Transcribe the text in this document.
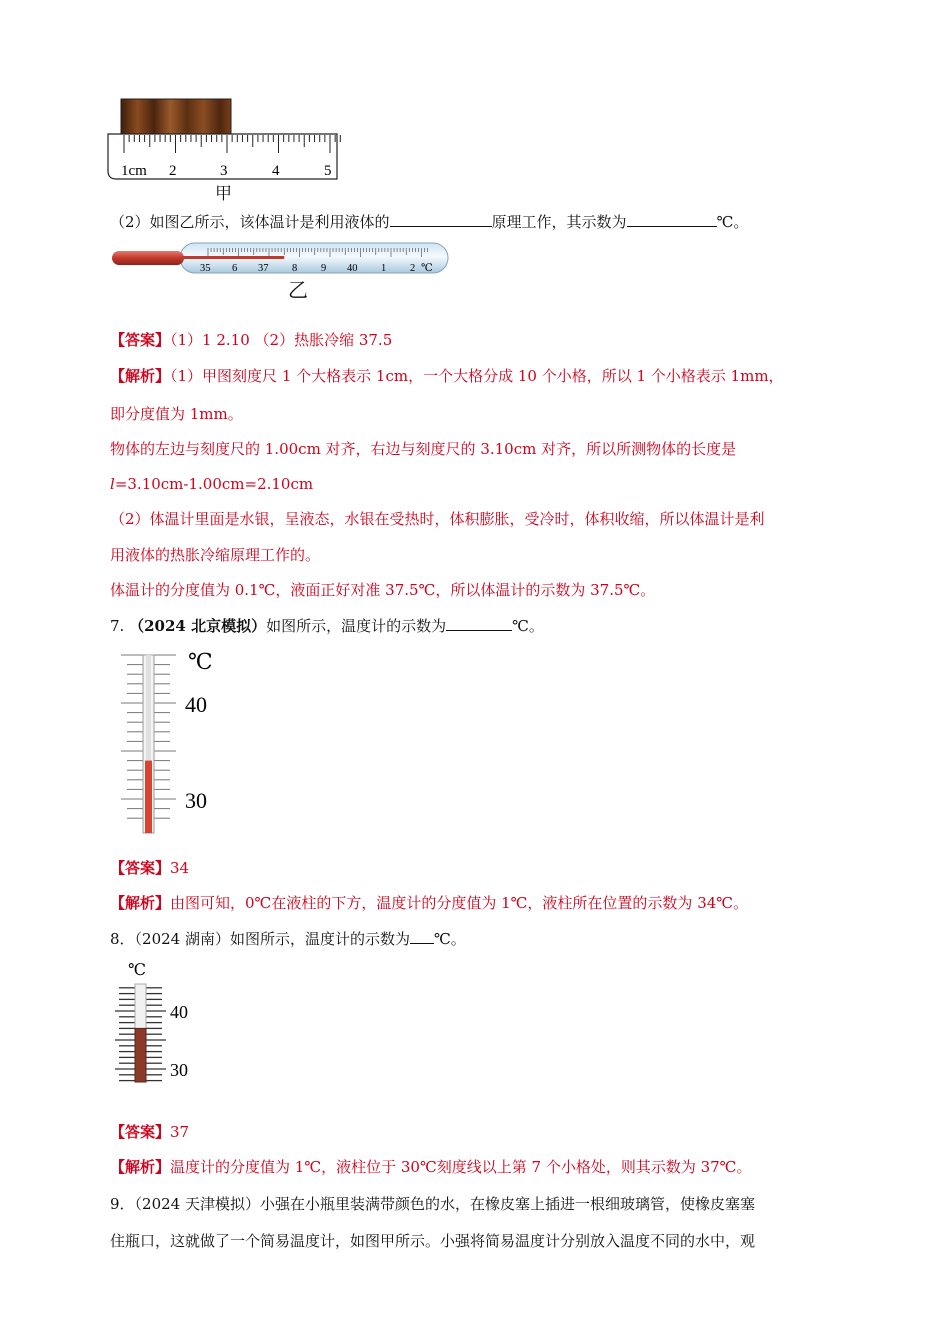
1cm 2	3	4	5
甲
（2）如图乙所示，该体温计是利用液体的	原理工作，其示数为	℃。
35 6 37 8 9 40 1 2 ℃
乙
【答案】（1）1 2.10 （2）热胀冷缩 37.5
【解析】（1）甲图刻度尺 1 个大格表示 1cm，一个大格分成 10 个小格，所以 1 个小格表示 1mm，
即分度值为 1mm。
物体的左边与刻度尺的 1.00cm 对齐，右边与刻度尺的 3.10cm 对齐，所以所测物体的长度是
l=3.10cm-1.00cm=2.10cm
（2）体温计里面是水银，呈液态，水银在受热时，体积膨胀，受冷时，体积收缩，所以体温计是利
用液体的热胀冷缩原理工作的。
体温计的分度值为 0.1℃，液面正好对准 37.5℃，所以体温计的示数为 37.5℃。
7. （2024 北京模拟）如图所示，温度计的示数为	℃。
℃
40
30
【答案】34
【解析】由图可知，0℃在液柱的下方，温度计的分度值为 1℃，液柱所在位置的示数为 34℃。
8．（2024 湖南）如图所示，温度计的示数为 ℃。
℃
40
30
【答案】37
【解析】温度计的分度值为 1℃，液柱位于 30℃刻度线以上第 7 个小格处，则其示数为 37℃。
9．（2024 天津模拟）小强在小瓶里装满带颜色的水，在橡皮塞上插进一根细玻璃管，使橡皮塞塞
住瓶口，这就做了一个简易温度计，如图甲所示。小强将简易温度计分别放入温度不同的水中，观
